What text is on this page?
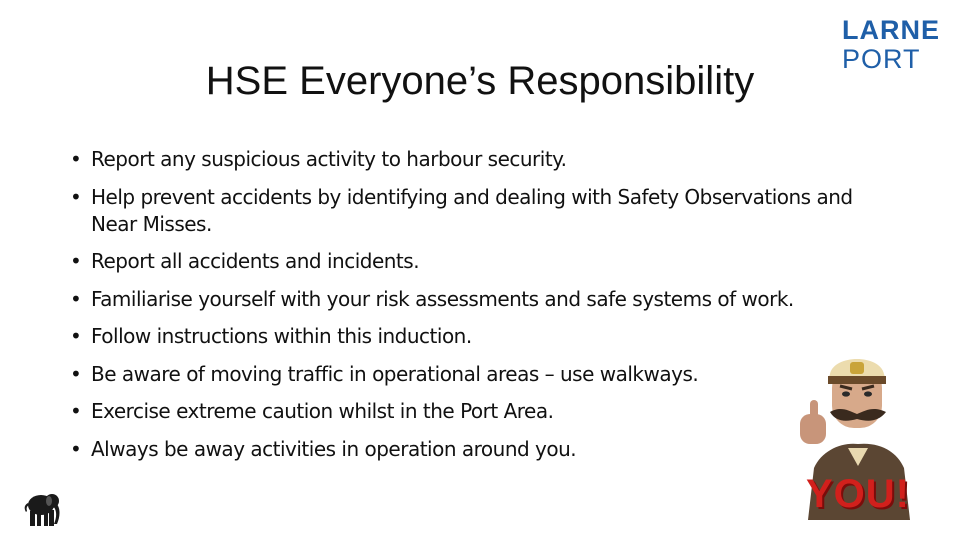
HSE Everyone’s Responsibility
LARNE
PORT
• Report any suspicious activity to harbour security.
• Help prevent accidents by identifying and dealing with Safety Observations and Near Misses.
• Report all accidents and incidents.
• Familiarise yourself with your risk assessments and safe systems of work.
• Follow instructions within this induction.
• Be aware of moving traffic in operational areas – use walkways.
• Exercise extreme caution whilst in the Port Area.
• Always be away activities in operation around you.
YOU!
